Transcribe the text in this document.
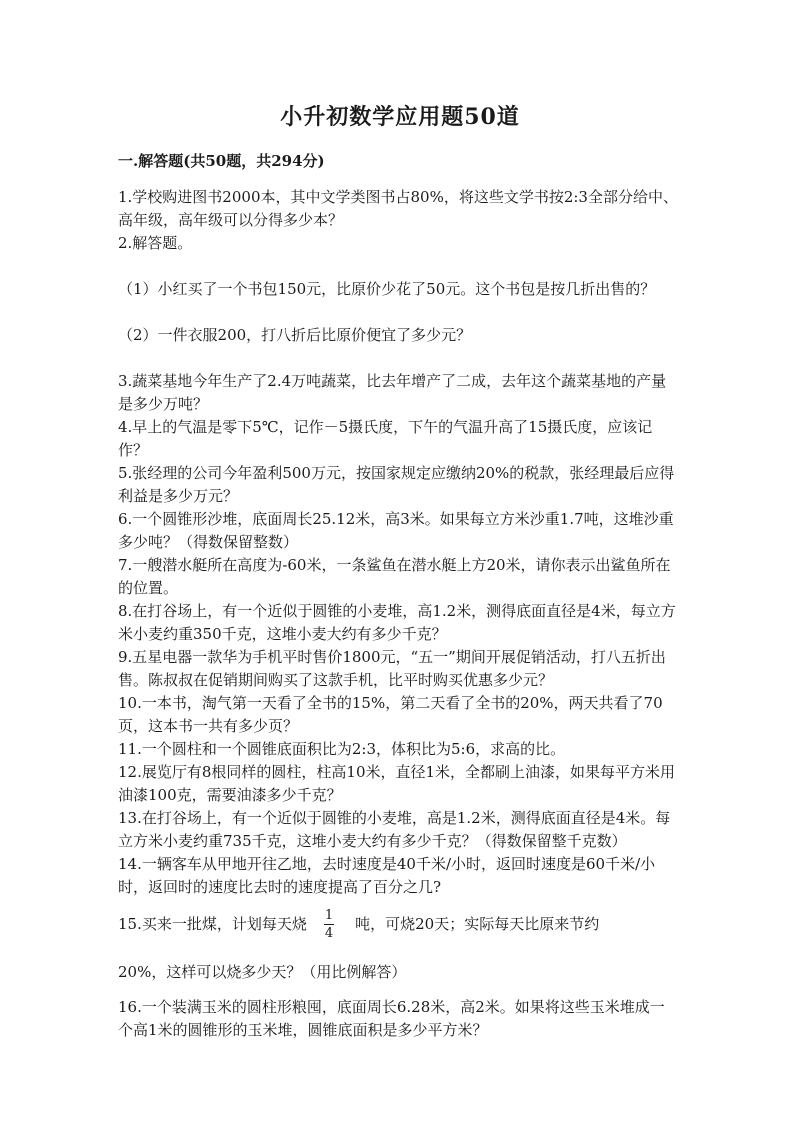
小升初数学应用题50道
一.解答题(共50题，共294分)

1.学校购进图书2000本，其中文学类图书占80%，将这些文学书按2:3全部分给中、高年级，高年级可以分得多少本？

2.解答题。

（1）小红买了一个书包150元，比原价少花了50元。这个书包是按几折出售的？

（2）一件衣服200，打八折后比原价便宜了多少元？

3.蔬菜基地今年生产了2.4万吨蔬菜，比去年增产了二成，去年这个蔬菜基地的产量是多少万吨？

4.早上的气温是零下5℃，记作－5摄氏度，下午的气温升高了15摄氏度，应该记作？

5.张经理的公司今年盈利500万元，按国家规定应缴纳20%的税款，张经理最后应得利益是多少万元？

6.一个圆锥形沙堆，底面周长25.12米，高3米。如果每立方米沙重1.7吨，这堆沙重多少吨？（得数保留整数）

7.一艘潜水艇所在高度为-60米，一条鲨鱼在潜水艇上方20米，请你表示出鲨鱼所在的位置。

8.在打谷场上，有一个近似于圆锥的小麦堆，高1.2米，测得底面直径是4米，每立方米小麦约重350千克，这堆小麦大约有多少千克？

9.五星电器一款华为手机平时售价1800元，“五一”期间开展促销活动，打八五折出售。陈叔叔在促销期间购买了这款手机，比平时购买优惠多少元？

10.一本书，淘气第一天看了全书的15%，第二天看了全书的20%，两天共看了70页，这本书一共有多少页？

11.一个圆柱和一个圆锥底面积比为2:3，体积比为5:6，求高的比。

12.展览厅有8根同样的圆柱，柱高10米，直径1米，全都刷上油漆，如果每平方米用油漆100克，需要油漆多少千克？

13.在打谷场上，有一个近似于圆锥的小麦堆，高是1.2米，测得底面直径是4米。每立方米小麦约重735千克，这堆小麦大约有多少千克？（得数保留整千克数）

14.一辆客车从甲地开往乙地，去时速度是40千米/小时，返回时速度是60千米/小时，返回时的速度比去时的速度提高了百分之几?

15.买来一批煤，计划每天烧 $\frac{1}{4}$ 吨，可烧20天；实际每天比原来节约

20%，这样可以烧多少天？（用比例解答）

16.一个装满玉米的圆柱形粮囤，底面周长6.28米，高2米。如果将这些玉米堆成一个高1米的圆锥形的玉米堆，圆锥底面积是多少平方米？
